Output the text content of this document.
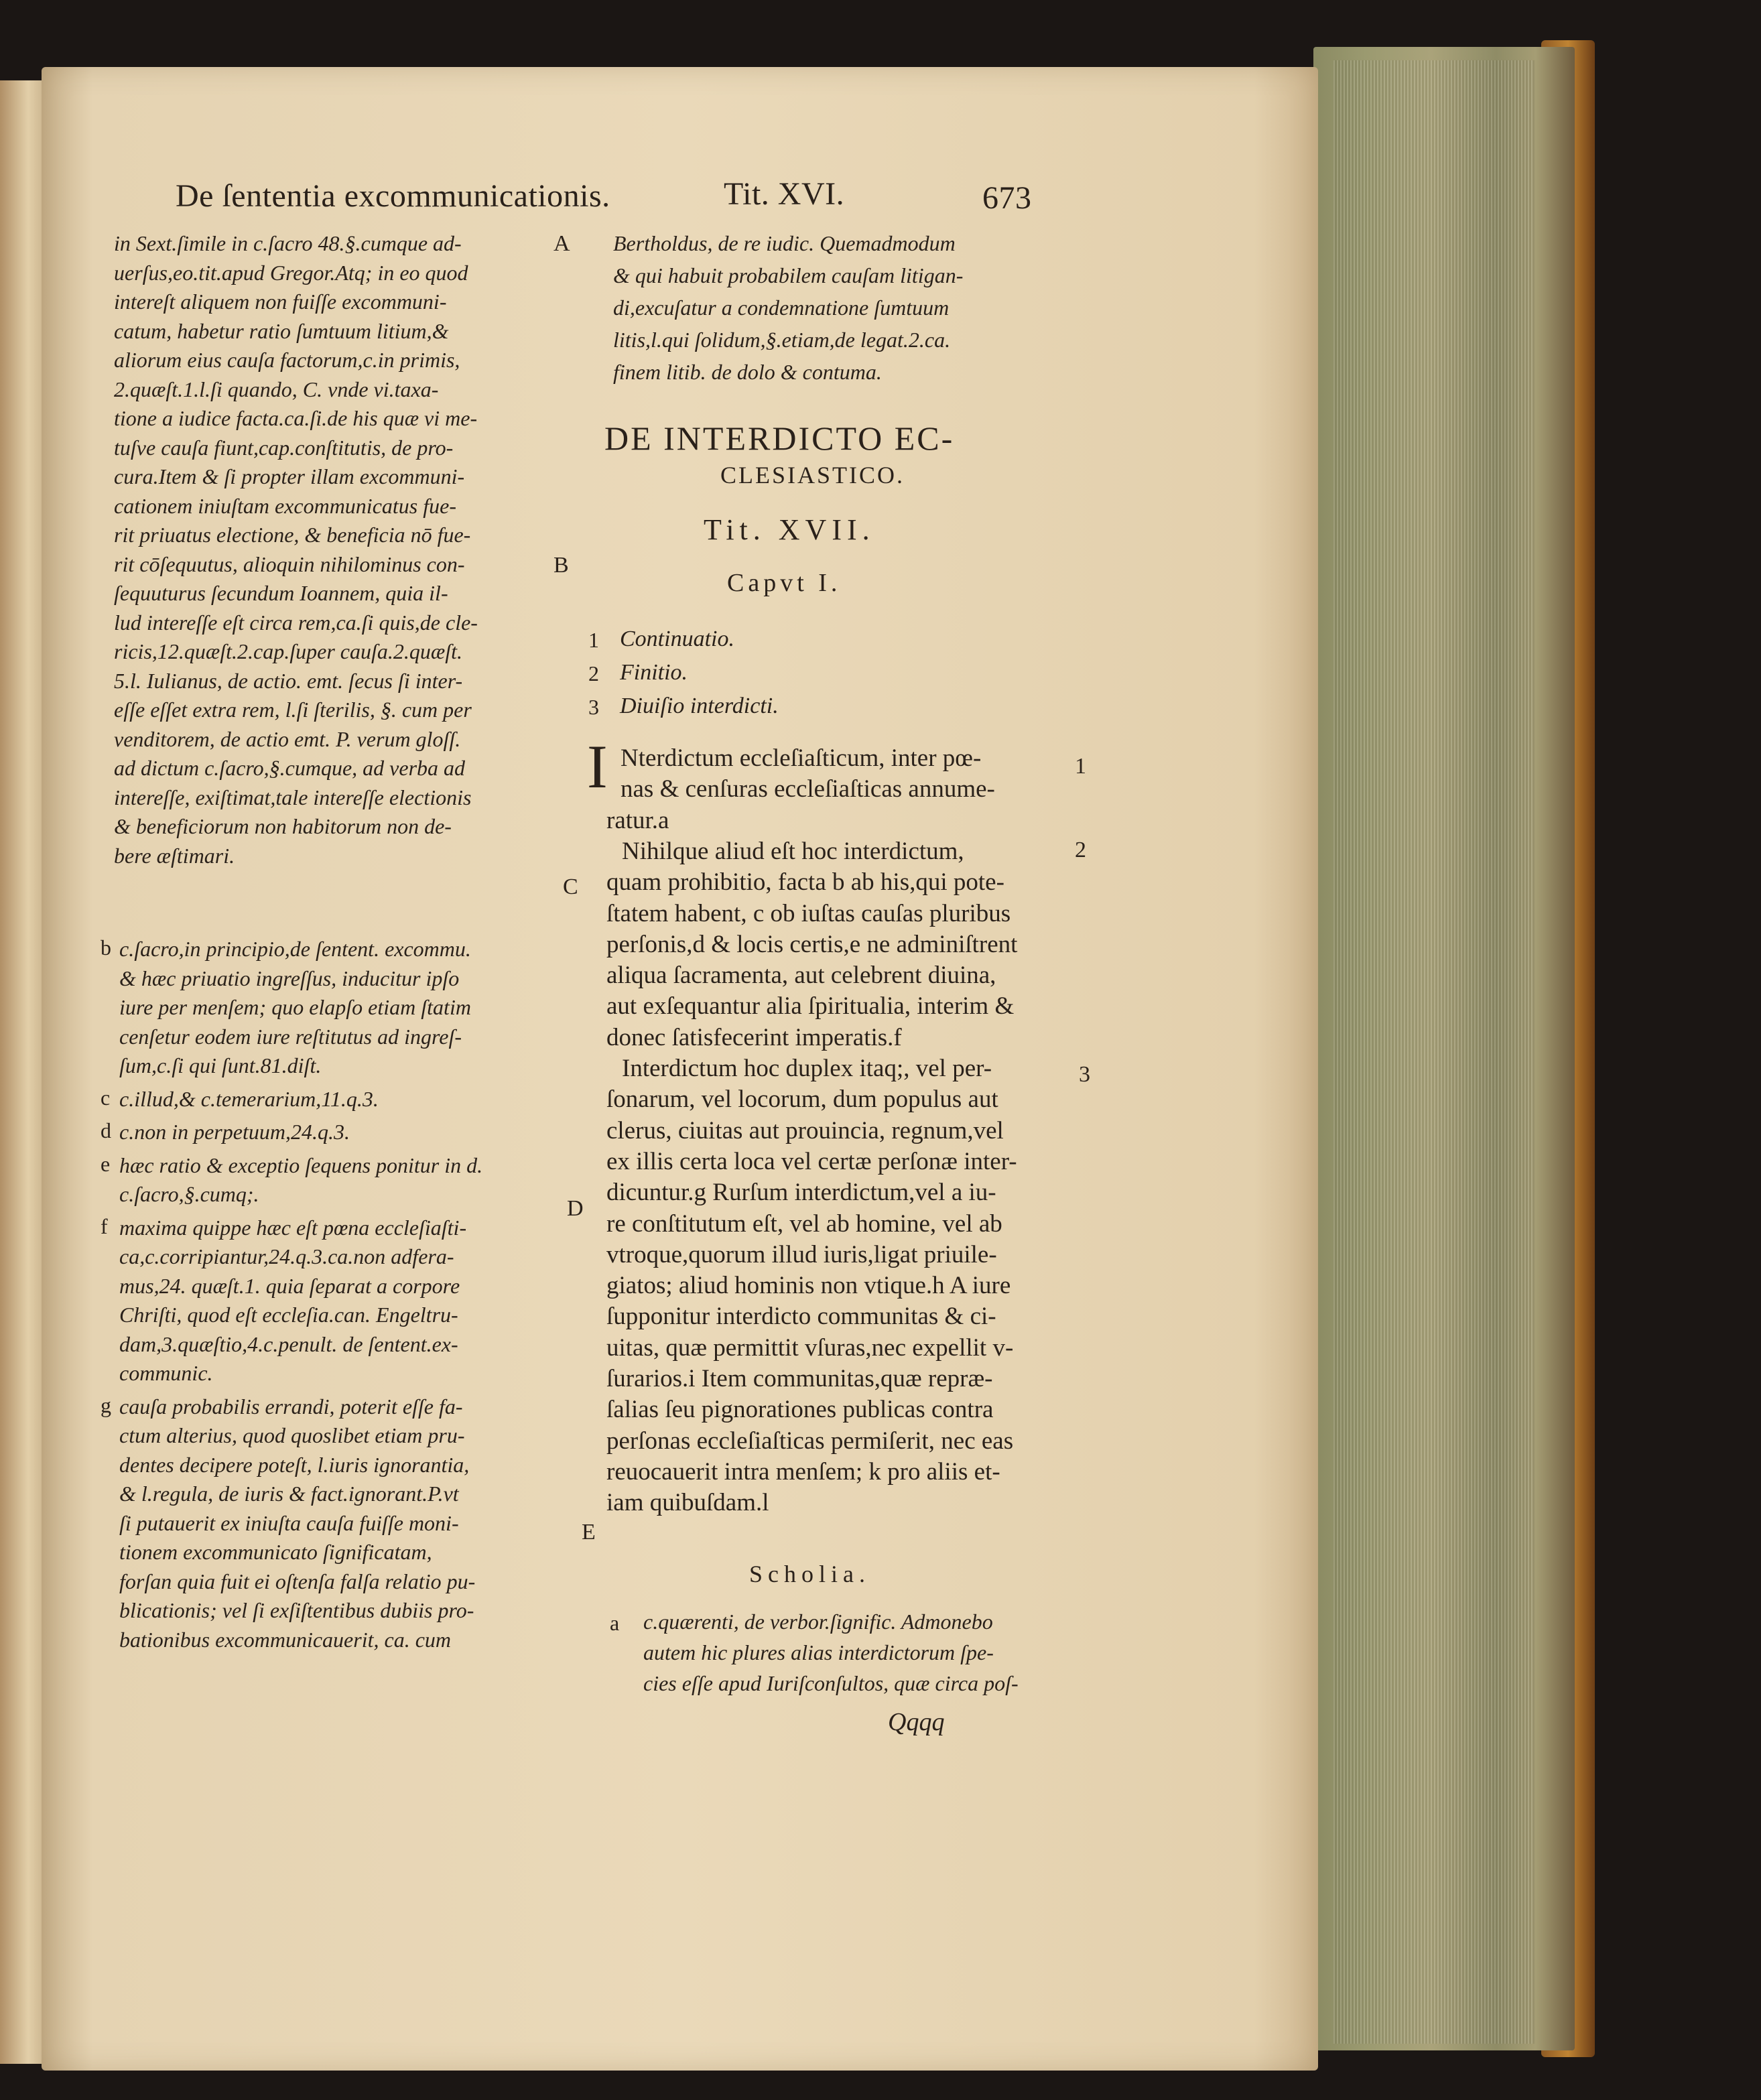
De ſententia excommunicationis.	Tit. XVI.	673
in Sext.ſimile in c.ſacro 48.§.cumque ad-
uerſus,eo.tit.apud Gregor.Atq; in eo quod
intereſt aliquem non fuiſſe excommuni-
catum, habetur ratio ſumtuum litium,&
aliorum eius cauſa factorum,c.in primis,
2.quæſt.1.l.ſi quando, C. vnde vi.taxa-
tione a iudice facta.ca.ſi.de his quæ vi me-
tuſve cauſa fiunt,cap.conſtitutis, de pro-
cura.Item & ſi propter illam excommuni-
cationem iniuſtam excommunicatus fue-
rit priuatus electione, & beneficia nō fue-
rit cōſequutus, alioquin nihilominus con-
ſequuturus ſecundum Ioannem, quia il-
lud intereſſe eſt circa rem,ca.ſi quis,de cle-
ricis,12.quæſt.2.cap.ſuper cauſa.2.quæſt.
5.l. Iulianus, de actio. emt. ſecus ſi inter-
eſſe eſſet extra rem, l.ſi ſterilis, §. cum per
venditorem, de actio emt. P. verum gloſſ.
ad dictum c.ſacro,§.cumque, ad verba ad
intereſſe, exiſtimat,tale intereſſe electionis
& beneficiorum non habitorum non de-
bere æſtimari.
b c.ſacro,in principio,de ſentent. excommu.
& hæc priuatio ingreſſus, inducitur ipſo
iure per menſem; quo elapſo etiam ſtatim
cenſetur eodem iure reſtitutus ad ingreſ-
ſum,c.ſi qui ſunt.81.diſt.
c c.illud,& c.temerarium,11.q.3.
d c.non in perpetuum,24.q.3.
e hæc ratio & exceptio ſequens ponitur in d.
c.ſacro,§.cumq;.
f maxima quippe hæc eſt pœna eccleſiaſti-
ca,c.corripiantur,24.q.3.ca.non adfera-
mus,24. quæſt.1. quia ſeparat a corpore
Chriſti, quod eſt eccleſia.can. Engeltru-
dam,3.quæſtio,4.c.penult. de ſentent.ex-
communic.
g cauſa probabilis errandi, poterit eſſe fa-
ctum alterius, quod quoslibet etiam pru-
dentes decipere poteſt, l.iuris ignorantia,
& l.regula, de iuris & fact.ignorant.P.vt
ſi putauerit ex iniuſta cauſa fuiſſe moni-
tionem excommunicato ſignificatam,
forſan quia fuit ei oſtenſa falſa relatio pu-
blicationis; vel ſi exſiſtentibus dubiis pro-
bationibus excommunicauerit, ca. cum
A
B
C
D
E
Bertholdus, de re iudic. Quemadmodum
& qui habuit probabilem cauſam litigan-
di,excuſatur a condemnatione ſumtuum
litis,l.qui ſolidum,§.etiam,de legat.2.ca.
finem litib. de dolo & contuma.
DE INTERDICTO EC-
CLESIASTICO.
Tit. XVII.
Capvt I.
1 Continuatio.
2 Finitio.
3 Diuiſio interdicti.
I Nterdictum eccleſiaſticum, inter pœ-
nas & cenſuras eccleſiaſticas annume-
ratur.a
Nihilque aliud eſt hoc interdictum,
quam prohibitio, facta b ab his,qui pote-
ſtatem habent, c ob iuſtas cauſas pluribus
perſonis,d & locis certis,e ne adminiſtrent
aliqua ſacramenta, aut celebrent diuina,
aut exſequantur alia ſpiritualia, interim &
donec ſatisfecerint imperatis.f
Interdictum hoc duplex itaq;, vel per-
ſonarum, vel locorum, dum populus aut
clerus, ciuitas aut prouincia, regnum,vel
ex illis certa loca vel certæ perſonæ inter-
dicuntur.g Rurſum interdictum,vel a iu-
re conſtitutum eſt, vel ab homine, vel ab
vtroque,quorum illud iuris,ligat priuile-
giatos; aliud hominis non vtique.h A iure
ſupponitur interdicto communitas & ci-
uitas, quæ permittit vſuras,nec expellit v-
ſurarios.i Item communitas,quæ repræ-
ſalias ſeu pignorationes publicas contra
perſonas eccleſiaſticas permiſerit, nec eas
reuocauerit intra menſem; k pro aliis et-
iam quibuſdam.l
1
2
3
Scholia.
a c.quærenti, de verbor.ſignific. Admonebo
autem hic plures alias interdictorum ſpe-
cies eſſe apud Iuriſconſultos, quæ circa poſ-
Qqqq
